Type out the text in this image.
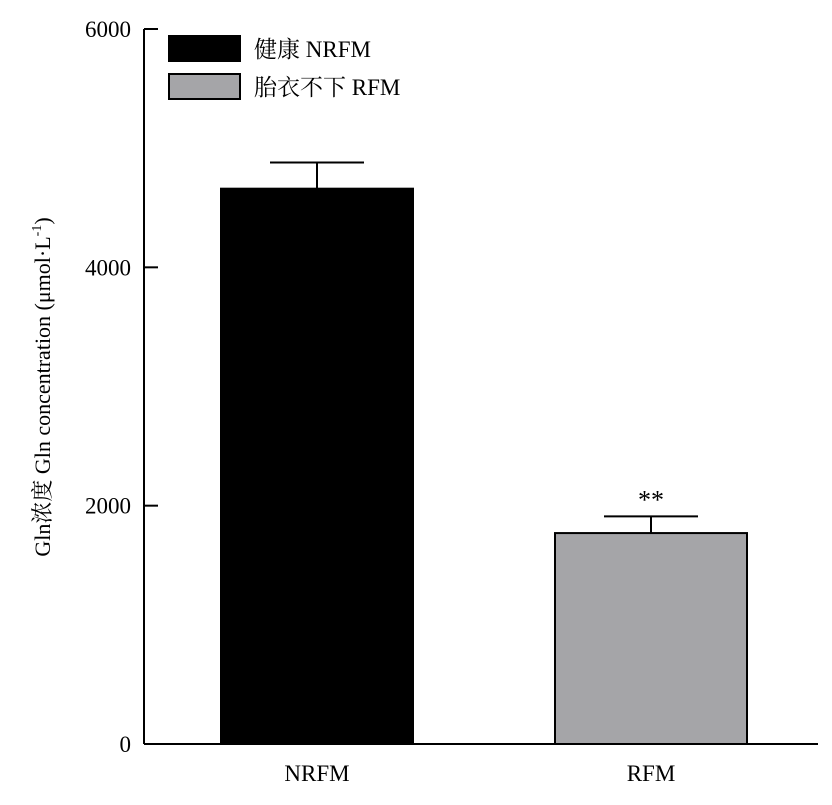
0
2000
4000
6000
NRFM	RFM
**
健康 NRFM
胎衣不下 RFM
Gln浓度 Gln concentration $(\mu mol\cdot L^{-1})$
